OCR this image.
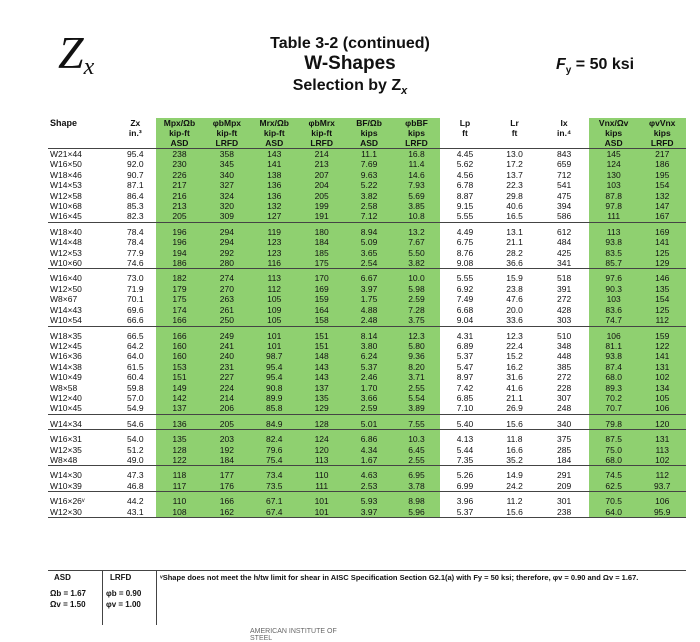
$Z_x$
Table 3-2 (continued)
W-Shapes
Selection by $Z_x$
$F_y = 50$ ksi
Shape	Zx	Mpx/Ωb	φbMpx	Mrx/Ωb	φbMrx	BF/Ωb	φbBF	Lp	Lr	Ix	Vnx/Ωv	φvVnx
	in.³	kip-ft	kip-ft	kip-ft	kip-ft	kips	kips	ft	ft	in.⁴	kips	kips
		ASD	LRFD	ASD	LRFD	ASD	LRFD				ASD	LRFD
W21×44	95.4	238	358	143	214	11.1	16.8	4.45	13.0	843	145	217
W16×50	92.0	230	345	141	213	7.69	11.4	5.62	17.2	659	124	186
W18×46	90.7	226	340	138	207	9.63	14.6	4.56	13.7	712	130	195
W14×53	87.1	217	327	136	204	5.22	7.93	6.78	22.3	541	103	154
W12×58	86.4	216	324	136	205	3.82	5.69	8.87	29.8	475	87.8	132
W10×68	85.3	213	320	132	199	2.58	3.85	9.15	40.6	394	97.8	147
W16×45	82.3	205	309	127	191	7.12	10.8	5.55	16.5	586	111	167

W18×40	78.4	196	294	119	180	8.94	13.2	4.49	13.1	612	113	169
W14×48	78.4	196	294	123	184	5.09	7.67	6.75	21.1	484	93.8	141
W12×53	77.9	194	292	123	185	3.65	5.50	8.76	28.2	425	83.5	125
W10×60	74.6	186	280	116	175	2.54	3.82	9.08	36.6	341	85.7	129

W16×40	73.0	182	274	113	170	6.67	10.0	5.55	15.9	518	97.6	146
W12×50	71.9	179	270	112	169	3.97	5.98	6.92	23.8	391	90.3	135
W8×67	70.1	175	263	105	159	1.75	2.59	7.49	47.6	272	103	154
W14×43	69.6	174	261	109	164	4.88	7.28	6.68	20.0	428	83.6	125
W10×54	66.6	166	250	105	158	2.48	3.75	9.04	33.6	303	74.7	112

W18×35	66.5	166	249	101	151	8.14	12.3	4.31	12.3	510	106	159
W12×45	64.2	160	241	101	151	3.80	5.80	6.89	22.4	348	81.1	122
W16×36	64.0	160	240	98.7	148	6.24	9.36	5.37	15.2	448	93.8	141
W14×38	61.5	153	231	95.4	143	5.37	8.20	5.47	16.2	385	87.4	131
W10×49	60.4	151	227	95.4	143	2.46	3.71	8.97	31.6	272	68.0	102
W8×58	59.8	149	224	90.8	137	1.70	2.55	7.42	41.6	228	89.3	134
W12×40	57.0	142	214	89.9	135	3.66	5.54	6.85	21.1	307	70.2	105
W10×45	54.9	137	206	85.8	129	2.59	3.89	7.10	26.9	248	70.7	106

W14×34	54.6	136	205	84.9	128	5.01	7.55	5.40	15.6	340	79.8	120

W16×31	54.0	135	203	82.4	124	6.86	10.3	4.13	11.8	375	87.5	131
W12×35	51.2	128	192	79.6	120	4.34	6.45	5.44	16.6	285	75.0	113
W8×48	49.0	122	184	75.4	113	1.67	2.55	7.35	35.2	184	68.0	102

W14×30	47.3	118	177	73.4	110	4.63	6.95	5.26	14.9	291	74.5	112
W10×39	46.8	117	176	73.5	111	2.53	3.78	6.99	24.2	209	62.5	93.7

W16×26ᵛ	44.2	110	166	67.1	101	5.93	8.98	3.96	11.2	301	70.5	106
W12×30	43.1	108	162	67.4	101	3.97	5.96	5.37	15.6	238	64.0	95.9
ASD	LRFD
Ωb = 1.67
Ωv = 1.50
φb = 0.90
φv = 1.00
ᵛShape does not meet the h/tw limit for shear in AISC Specification Section G2.1(a) with Fy = 50 ksi; therefore, φv = 0.90 and Ωv = 1.67.
AMERICAN INSTITUTE OF STEEL
